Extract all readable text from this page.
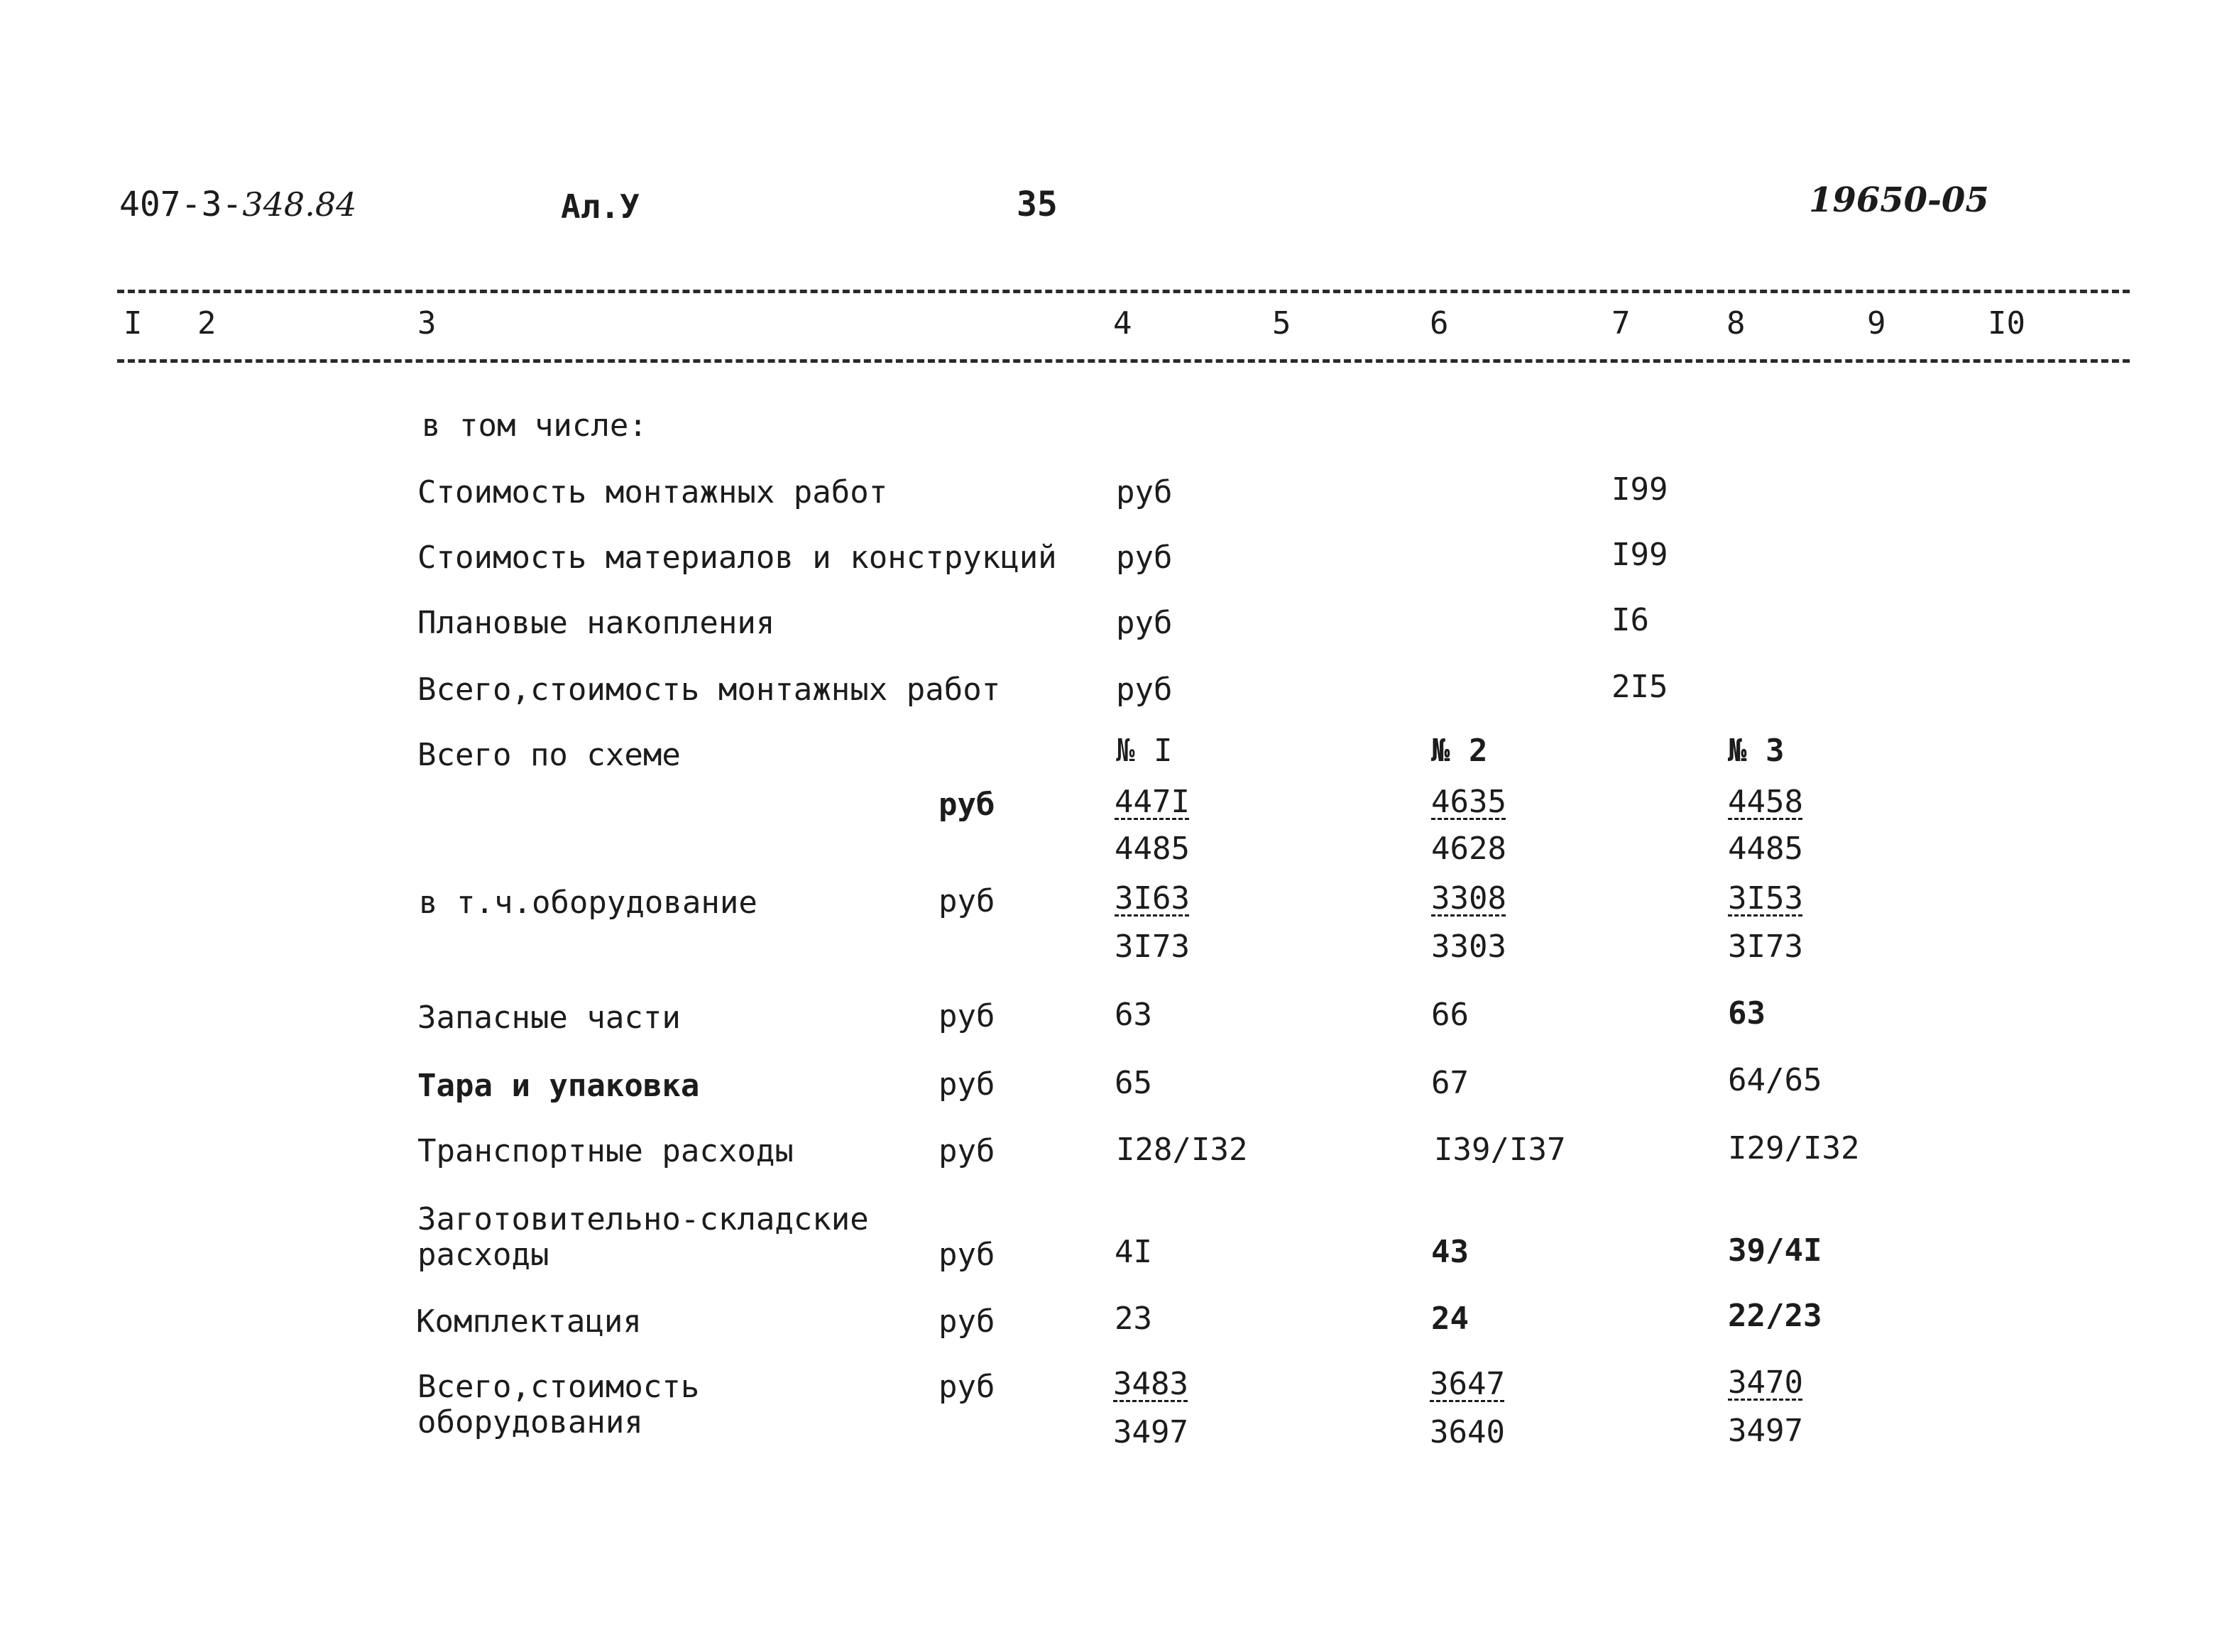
407-3-348.84	Ал.У	35	19650-05
I 2	3	4	5	6	7	8	9	I0
в том числе:
Стоимость монтажных работ	руб	I99
Стоимость материалов и конструкций руб	I99
Плановые накопления	руб	I6
Всего,стоимость монтажных работ	руб	2I5
Всего по схеме	№ I	№ 2	№ 3
руб	447I	4635	4458
4485	4628	4485
в т.ч.оборудование	руб	3I63	3308	3I53
3I73	3303	3I73
Запасные части	руб	63	66	63
Тара и упаковка	руб	65	67	64/65
Транспортные расходы	руб	I28/I32	I39/I37	I29/I32
Заготовительно-складские
расходы	руб	4I	43	39/4I
Комплектация	руб	23	24	22/23
Всего,стоимость
оборудования
руб	3483	3647	3470
3497	3640	3497
